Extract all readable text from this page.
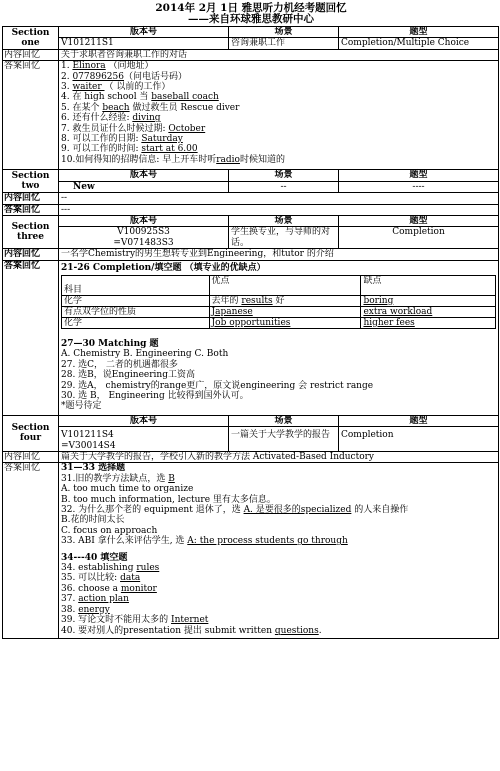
2014年 2月 1日 雅思听力机经考题回忆
——来自环球雅思教研中心
Section
one	版本号	场景	题型
V101211S1	咨询兼职工作	Completion/Multiple Choice
内容回忆	关于求职者咨询兼职工作的对话
答案回忆	1. Elinora （问地址）
2. 077896256（问电话号码）
3. waiter （ 以前的工作）
4. 在 high school 当 baseball coach
5. 在某个 beach 做过救生员 Rescue diver
6. 还有什么经验: diving
7. 救生员证什么时候过期: October
8. 可以工作的日期: Saturday
9. 可以工作的时间: start at 6.00
10.如何得知的招聘信息: 早上开车时听radio时候知道的

Section
two	版本号	场景	题型
New	--	----
内容回忆	--
答案回忆	---
Section
three	版本号	场景	题型
V100925S3
=V071483S3	学生换专业，与导师的对话。	Completion
内容回忆	一名学Chemistry的男生想转专业到Engineering，和tutor 的介绍
答案回忆	21-26 Completion/填空题 （填专业的优缺点）
科目	优点	缺点
化学	去年的 results 好	boring
有点双学位的性质	Japanese	extra workload
化学	Job opportunities	higher fees
27—30 Matching 题
A. Chemistry B. Engineering C. Both
27. 选C， 二者的机遇都很多
28. 选B，说Engineering工资高
29. 选A， chemistry的range更广，原文说engineering 会 restrict range
30. 选 B， Engineering 比较得到国外认可。
*题号待定

Section
four	版本号	场景	题型
V101211S4
=V30014S4	一篇关于大学教学的报告	Completion
内容回忆	篇关于大学教学的报告，学校引入新的教学方法 Activated-Based Inductory
答案回忆	31—33 选择题
31.旧的教学方法缺点，选 B
A. too much time to organize
B. too much information, lecture 里有太多信息。
32. 为什么那个老的 equipment 退休了，选 A. 是要很多的specialized 的人来自操作
B.花的时间太长
C. focus on approach
33. ABI 拿什么来评估学生, 选 A: the process students go through
34---40 填空题
34. establishing rules
35. 可以比较: data
36. choose a monitor
37. action plan
38. energy
39. 写论文时不能用太多的 Internet
40. 要对别人的presentation 提出 submit written questions.
